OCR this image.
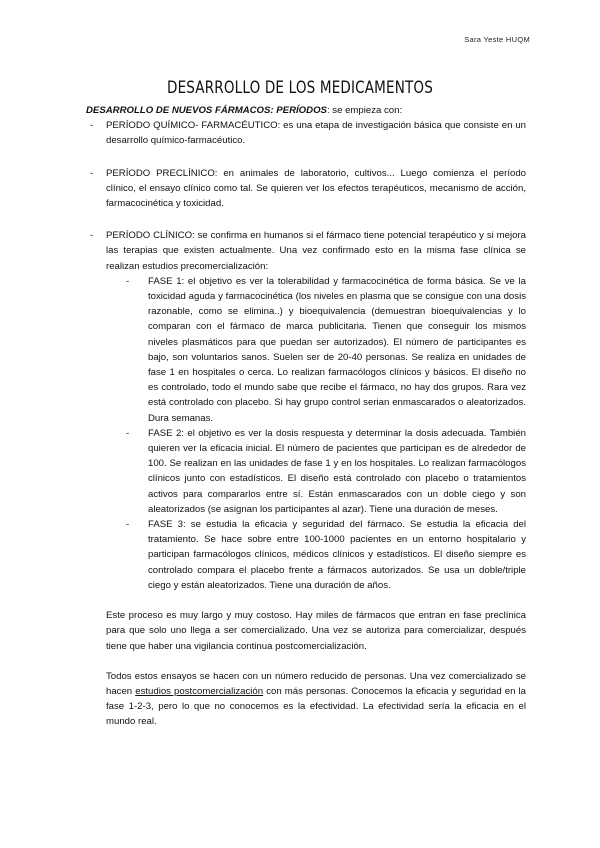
Sara Yeste HUQM
DESARROLLO DE LOS MEDICAMENTOS

DESARROLLO DE NUEVOS FÁRMACOS: PERÍODOS: se empieza con:

- PERÍODO QUÍMICO- FARMACÉUTICO: es una etapa de investigación básica que consiste en un desarrollo químico-farmacéutico.
- PERÍODO PRECLÍNICO: en animales de laboratorio, cultivos... Luego comienza el período clínico, el ensayo clínico como tal. Se quieren ver los efectos terapéuticos, mecanismo de acción, farmacocinética y toxicidad.
- PERÍODO CLÍNICO: se confirma en humanos si el fármaco tiene potencial terapéutico y si mejora las terapias que existen actualmente. Una vez confirmado esto en la misma fase clínica se realizan estudios precomercialización:
- FASE 1: el objetivo es ver la tolerabilidad y farmacocinética de forma básica. Se ve la toxicidad aguda y farmacocinética (los niveles en plasma que se consigue con una dosis razonable, como se elimina..) y bioequivalencia (demuestran bioequivalencias y lo comparan con el fármaco de marca publicitaria. Tienen que conseguir los mismos niveles plasmáticos para que puedan ser autorizados). El número de participantes es bajo, son voluntarios sanos. Suelen ser de 20-40 personas. Se realiza en unidades de fase 1 en hospitales o cerca. Lo realizan farmacólogos clínicos y básicos. El diseño no es controlado, todo el mundo sabe que recibe el fármaco, no hay dos grupos. Rara vez está controlado con placebo. Si hay grupo control serian enmascarados o aleatorizados. Dura semanas.
- FASE 2: el objetivo es ver la dosis respuesta y determinar la dosis adecuada. También quieren ver la eficacia inicial. El número de pacientes que participan es de alrededor de 100. Se realizan en las unidades de fase 1 y en los hospitales. Lo realizan farmacólogos clínicos junto con estadísticos. El diseño está controlado con placebo o tratamientos activos para compararlos entre sí. Están enmascarados con un doble ciego y son aleatorizados (se asignan los participantes al azar). Tiene una duración de meses.
- FASE 3: se estudia la eficacia y seguridad del fármaco. Se estudia la eficacia del tratamiento. Se hace sobre entre 100-1000 pacientes en un entorno hospitalario y participan farmacólogos clínicos, médicos clínicos y estadísticos. El diseño siempre es controlado compara el placebo frente a fármacos autorizados. Se usa un doble/triple ciego y están aleatorizados. Tiene una duración de años.

Este proceso es muy largo y muy costoso. Hay miles de fármacos que entran en fase preclínica para que solo uno llega a ser comercializado. Una vez se autoriza para comercializar, después tiene que haber una vigilancia continua postcomercialización.

Todos estos ensayos se hacen con un número reducido de personas. Una vez comercializado se hacen estudios postcomercialización con más personas. Conocemos la eficacia y seguridad en la fase 1-2-3, pero lo que no conocemos es la efectividad. La efectividad sería la eficacia en el mundo real.
